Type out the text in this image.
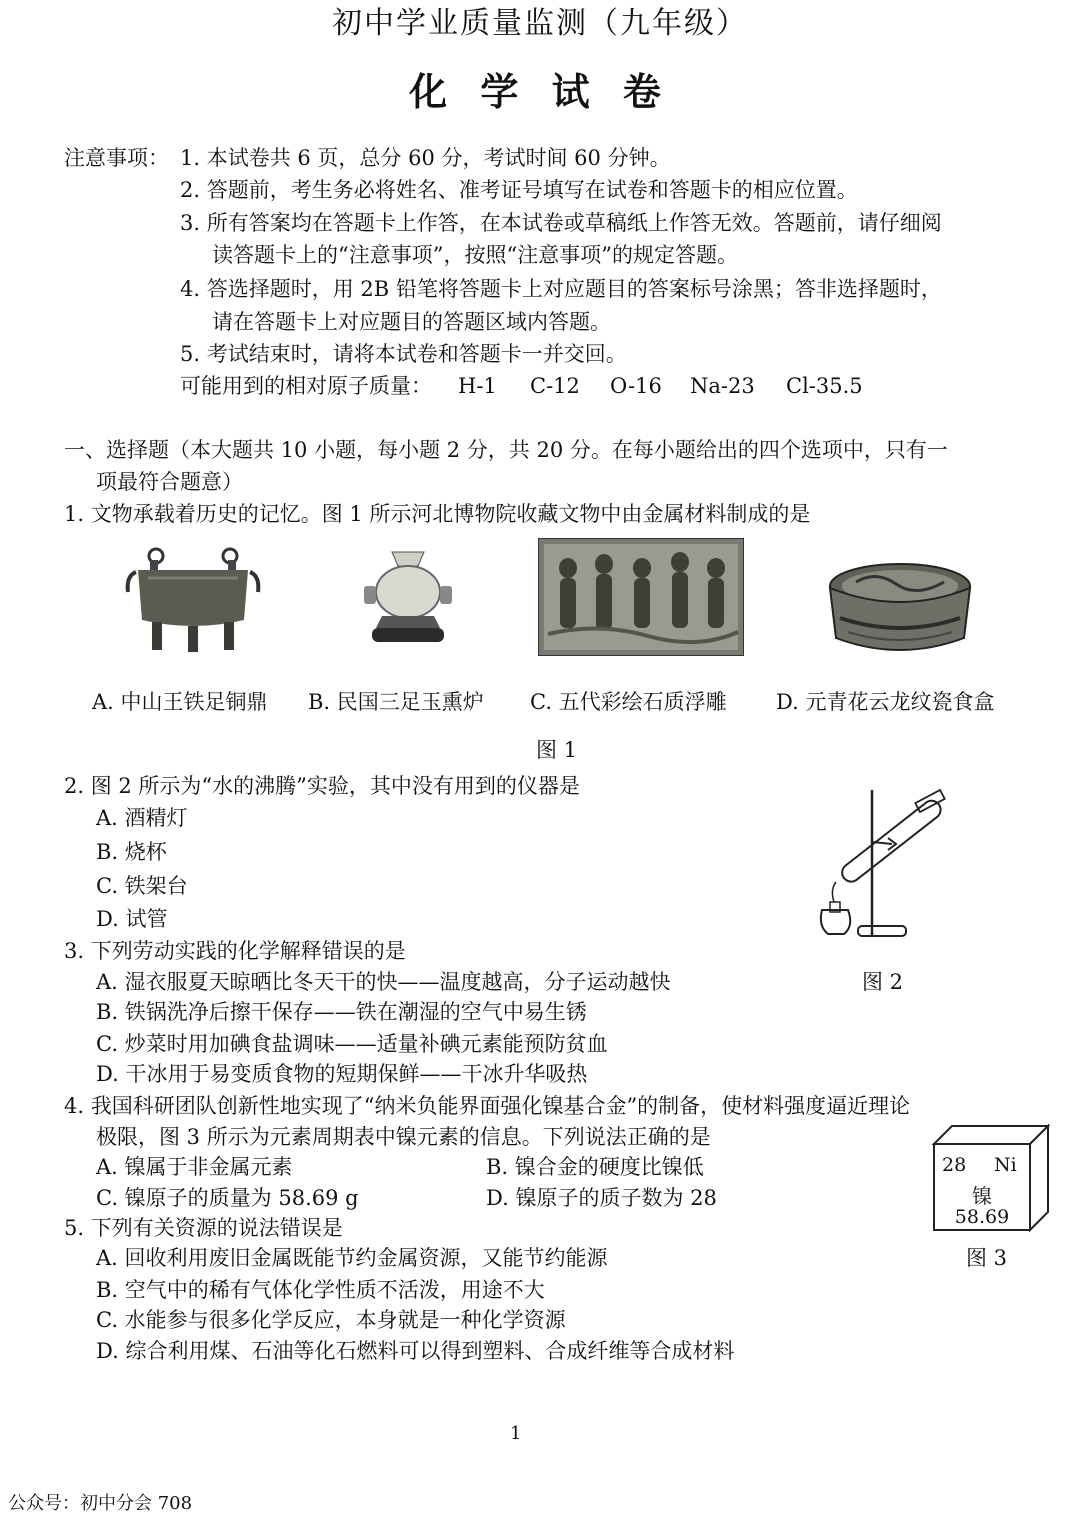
初中学业质量监测（九年级）
化 学 试 卷
注意事项： 1. 本试卷共 6 页，总分 60 分，考试时间 60 分钟。
2. 答题前，考生务必将姓名、准考证号填写在试卷和答题卡的相应位置。
3. 所有答案均在答题卡上作答，在本试卷或草稿纸上作答无效。答题前，请仔细阅
读答题卡上的“注意事项”，按照“注意事项”的规定答题。
4. 答选择题时，用 2B 铅笔将答题卡上对应题目的答案标号涂黑；答非选择题时，
请在答题卡上对应题目的答题区域内答题。
5. 考试结束时，请将本试卷和答题卡一并交回。
可能用到的相对原子质量： H-1 C-12 O-16 Na-23 Cl-35.5
一、选择题（本大题共 10 小题，每小题 2 分，共 20 分。在每小题给出的四个选项中，只有一
项最符合题意）
1. 文物承载着历史的记忆。图 1 所示河北博物院收藏文物中由金属材料制成的是
A. 中山王铁足铜鼎 B. 民国三足玉熏炉 C. 五代彩绘石质浮雕 D. 元青花云龙纹瓷食盒
图 1
2. 图 2 所示为“水的沸腾”实验，其中没有用到的仪器是
A. 酒精灯
B. 烧杯
C. 铁架台
D. 试管
图 2
3. 下列劳动实践的化学解释错误的是
A. 湿衣服夏天晾晒比冬天干的快——温度越高，分子运动越快
B. 铁锅洗净后擦干保存——铁在潮湿的空气中易生锈
C. 炒菜时用加碘食盐调味——适量补碘元素能预防贫血
D. 干冰用于易变质食物的短期保鲜——干冰升华吸热
4. 我国科研团队创新性地实现了“纳米负能界面强化镍基合金”的制备，使材料强度逼近理论
极限，图 3 所示为元素周期表中镍元素的信息。下列说法正确的是
A. 镍属于非金属元素	B. 镍合金的硬度比镍低
C. 镍原子的质量为 58.69 g	D. 镍原子的质子数为 28
28 Ni
镍
58.69
图 3
5. 下列有关资源的说法错误是
A. 回收利用废旧金属既能节约金属资源，又能节约能源
B. 空气中的稀有气体化学性质不活泼，用途不大
C. 水能参与很多化学反应，本身就是一种化学资源
D. 综合利用煤、石油等化石燃料可以得到塑料、合成纤维等合成材料
1
公众号：初中分会 708
